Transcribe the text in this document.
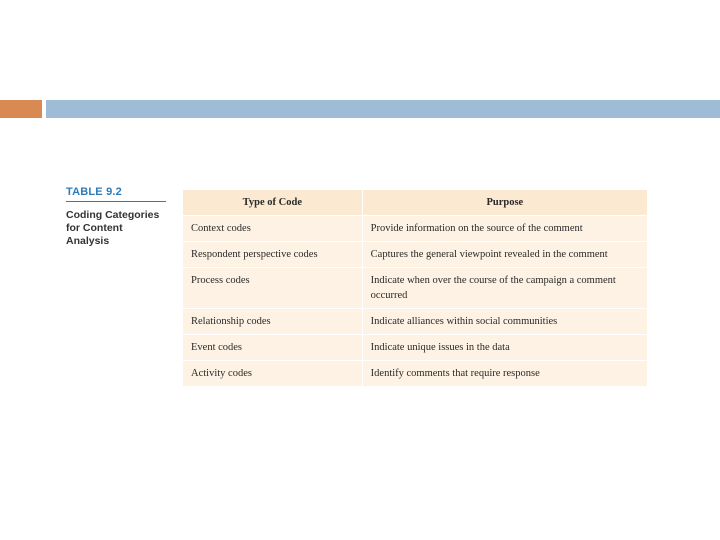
TABLE 9.2
Coding Categories for Content Analysis
Type of Code	Purpose
Context codes	Provide information on the source of the comment
Respondent perspective codes	Captures the general viewpoint revealed in the comment
Process codes	Indicate when over the course of the campaign a comment occurred
Relationship codes	Indicate alliances within social communities
Event codes	Indicate unique issues in the data
Activity codes	Identify comments that require response
